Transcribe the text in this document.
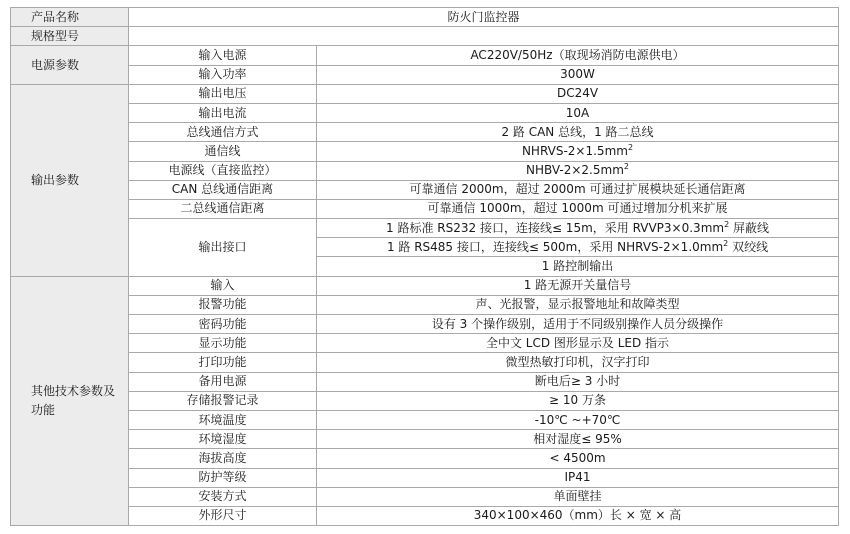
产品名称	防火门监控器	
规格型号		
电源参数	输入电源	AC220V/50Hz（取现场消防电源供电）
	输入功率	300W
输出参数	输出电压	DC24V
	输出电流	10A
	总线通信方式	2 路 CAN 总线，1 路二总线
	通信线	NHRVS-$2\times 1.5mm^2$
	电源线（直接监控）	NHBV-$2\times 2.5mm^2$
	CAN 总线通信距离	可靠通信 2000m，超过 2000m 可通过扩展模块延长通信距离
	二总线通信距离	可靠通信 1000m，超过 1000m 可通过增加分机来扩展
	输出接口	1 路标准 RS232 接口，连接线≤ 15m，采用 $RVVP3\times 0.3mm^2$ 屏蔽线
		1 路 RS485 接口，连接线≤ 500m，采用 NHRVS-$2\times 1.0mm^2$ 双绞线
		1 路控制输出
其他技术参数及功能	输入	1 路无源开关量信号
	报警功能	声、光报警，显示报警地址和故障类型
	密码功能	设有 3 个操作级别，适用于不同级别操作人员分级操作
	显示功能	全中文 LCD 图形显示及 LED 指示
	打印功能	微型热敏打印机，汉字打印
	备用电源	断电后≥ 3 小时
	存储报警记录	≥ 10 万条
	环境温度	-10℃ ~+70℃
	环境湿度	相对湿度≤ 95%
	海拔高度	< 4500m
	防护等级	IP41
	安装方式	单面壁挂
	外形尺寸	340×100×460（mm）长 × 宽 × 高
